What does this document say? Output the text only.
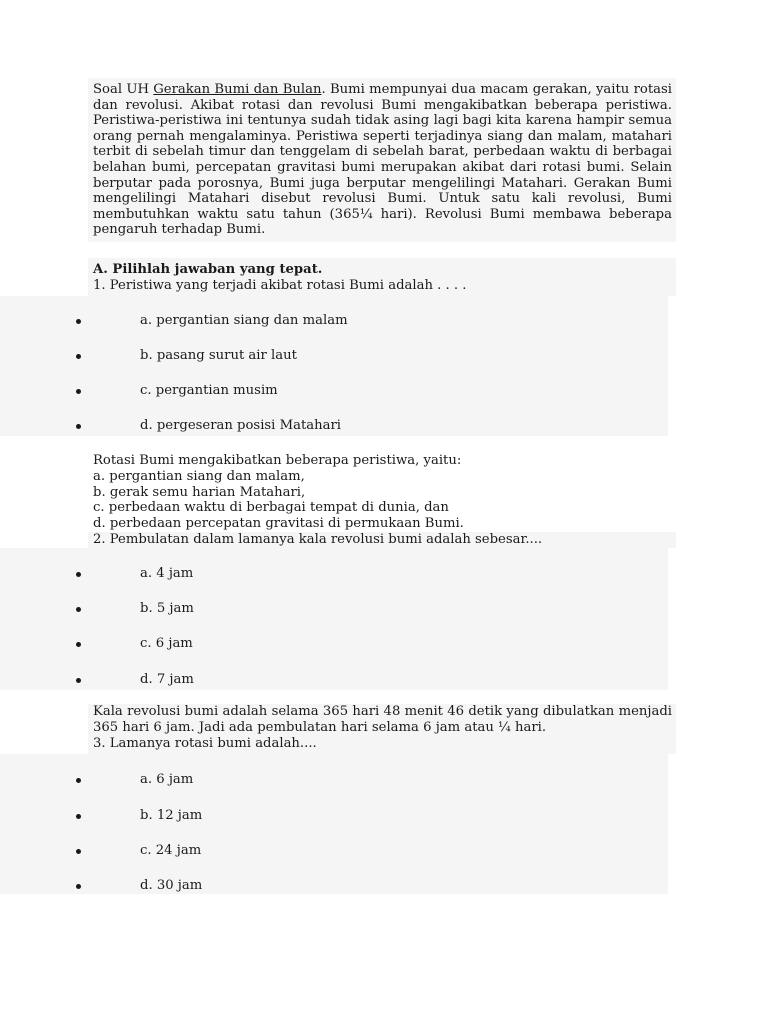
Soal UH Gerakan Bumi dan Bulan. Bumi mempunyai dua macam gerakan, yaitu rotasi dan revolusi. Akibat rotasi dan revolusi Bumi mengakibatkan beberapa peristiwa. Peristiwa-peristiwa ini tentunya sudah tidak asing lagi bagi kita karena hampir semua orang pernah mengalaminya. Peristiwa seperti terjadinya siang dan malam, matahari terbit di sebelah timur dan tenggelam di sebelah barat, perbedaan waktu di berbagai belahan bumi, percepatan gravitasi bumi merupakan akibat dari rotasi bumi. Selain berputar pada porosnya, Bumi juga berputar mengelilingi Matahari. Gerakan Bumi mengelilingi Matahari disebut revolusi Bumi. Untuk satu kali revolusi, Bumi membutuhkan waktu satu tahun (365¼ hari). Revolusi Bumi membawa beberapa pengaruh terhadap Bumi.
A. Pilihlah jawaban yang tepat.
1. Peristiwa yang terjadi akibat rotasi Bumi adalah . . . .
a. pergantian siang dan malam
b. pasang surut air laut
c. pergantian musim
d. pergeseran posisi Matahari
Rotasi Bumi mengakibatkan beberapa peristiwa, yaitu:
a. pergantian siang dan malam,
b. gerak semu harian Matahari,
c. perbedaan waktu di berbagai tempat di dunia, dan
d. perbedaan percepatan gravitasi di permukaan Bumi.
2. Pembulatan dalam lamanya kala revolusi bumi adalah sebesar....
a. 4 jam
b. 5 jam
c. 6 jam
d. 7 jam
Kala revolusi bumi adalah selama 365 hari 48 menit 46 detik yang dibulatkan menjadi 365 hari 6 jam. Jadi ada pembulatan hari selama 6 jam atau ¼ hari.
3. Lamanya rotasi bumi adalah....
a. 6 jam
b. 12 jam
c. 24 jam
d. 30 jam
